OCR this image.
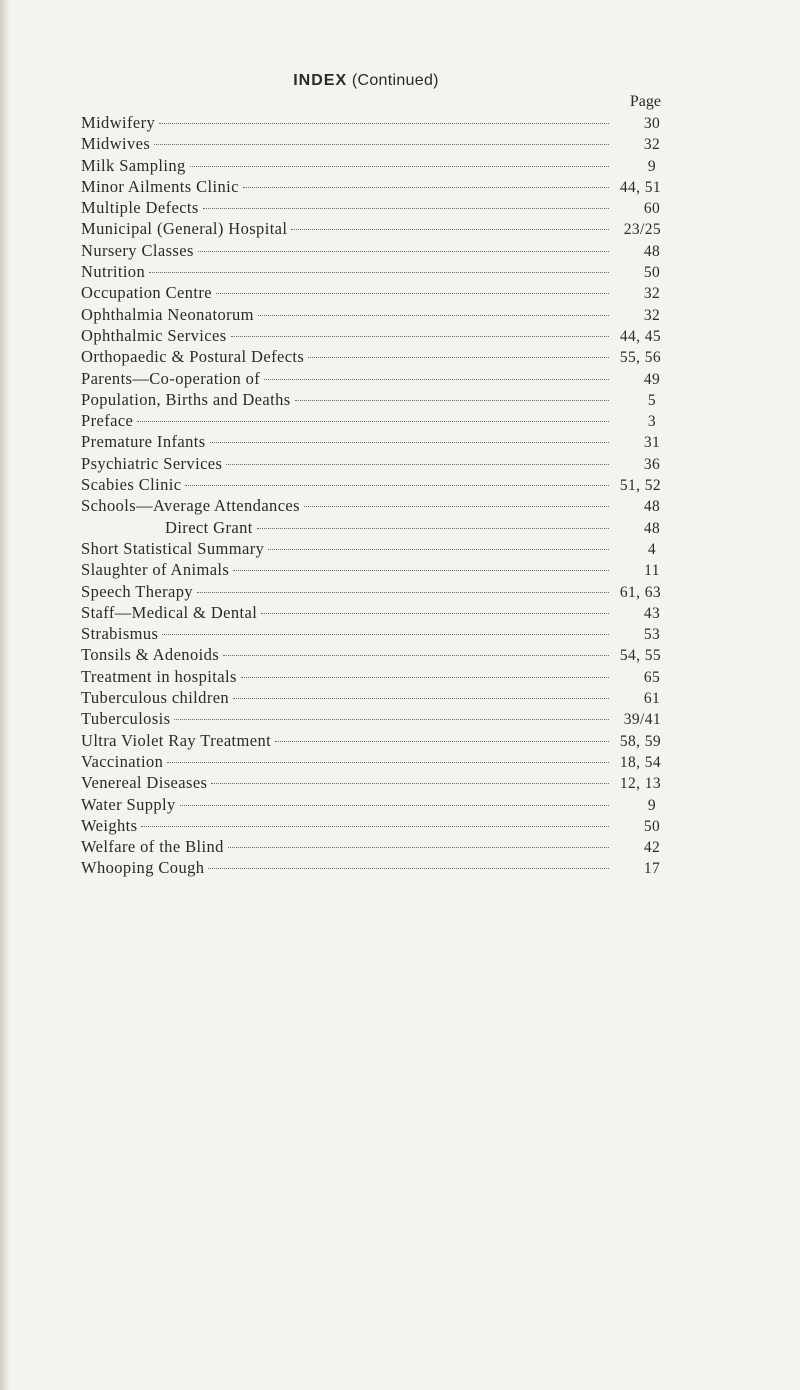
INDEX (Continued)
Page
Midwifery	30
Midwives	32
Milk Sampling	9
Minor Ailments Clinic	44, 51
Multiple Defects	60
Municipal (General) Hospital	23/25
Nursery Classes	48
Nutrition	50
Occupation Centre	32
Ophthalmia Neonatorum	32
Ophthalmic Services	44, 45
Orthopaedic & Postural Defects	55, 56
Parents—Co-operation of	49
Population, Births and Deaths	5
Preface	3
Premature Infants	31
Psychiatric Services	36
Scabies Clinic	51, 52
Schools—Average Attendances	48
Direct Grant	48
Short Statistical Summary	4
Slaughter of Animals	11
Speech Therapy	61, 63
Staff—Medical & Dental	43
Strabismus	53
Tonsils & Adenoids	54, 55
Treatment in hospitals	65
Tuberculous children	61
Tuberculosis	39/41
Ultra Violet Ray Treatment	58, 59
Vaccination	18, 54
Venereal Diseases	12, 13
Water Supply	9
Weights	50
Welfare of the Blind	42
Whooping Cough	17
